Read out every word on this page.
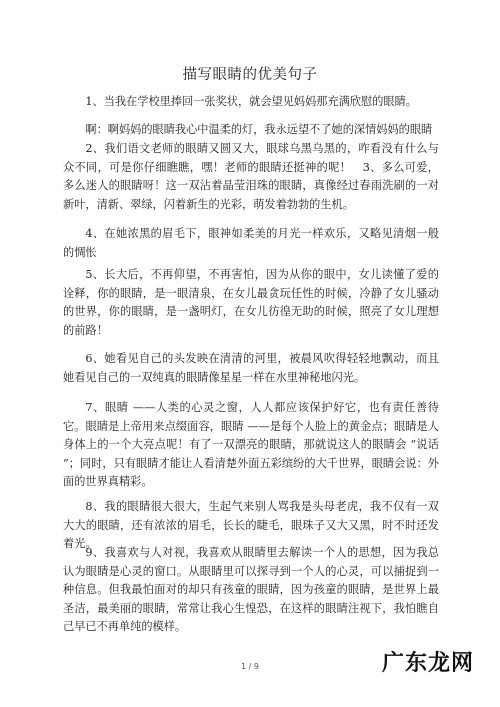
描写眼睛的优美句子
1、当我在学校里捧回一张奖状，就会望见妈妈那充满欣慰的眼睛。
啊：啊妈妈的眼睛我心中温柔的灯，我永远望不了她的深情妈妈的眼睛
2、我们语文老师的眼睛又圆又大，眼球乌黑乌黑的，咋看没有什么与众不同，可是你仔细瞧瞧，嘿！老师的眼睛还挺神的呢！　3、多么可爱，多么迷人的眼睛呀！这一双沾着晶莹泪珠的眼睛，真像经过春雨洗刷的一对新叶，清新、翠绿，闪着新生的光彩，萌发着勃勃的生机。
4、在她浓黑的眉毛下，眼神如柔美的月光一样欢乐，又略见清烟一般的惆怅
5、长大后，不再仰望，不再害怕，因为从你的眼中，女儿读懂了爱的诠释，你的眼睛，是一眼清泉，在女儿最贪玩任性的时候，冷静了女儿骚动的世界，你的眼睛，是一盏明灯，在女儿彷徨无助的时候，照亮了女儿理想的前路！
6、她看见自己的头发映在清清的河里，被晨风吹得轻轻地飘动，而且她看见自己的一双纯真的眼睛像星星一样在水里神秘地闪光。
7、眼睛 ——人类的心灵之窗，人人都应该保护好它，也有责任善待它。眼睛是上帝用来点缀面容，眼睛 ——是每个人脸上的黄金点；眼睛是人身体上的一个大亮点呢！有了一双漂亮的眼睛，那就说这人的眼睛会 “说话 ”；同时，只有眼睛才能让人看清楚外面五彩缤纷的大千世界，眼睛会说：外面的世界真精彩。
8、我的眼睛很大很大，生起气来别人骂我是头母老虎，我不仅有一双大大的眼睛，还有浓浓的眉毛，长长的睫毛，眼珠子又大又黑，时不时还发着光。
9、我喜欢与人对视，我喜欢从眼睛里去解读一个人的思想，因为我总认为眼睛是心灵的窗口。从眼睛里可以探寻到一个人的心灵，可以捕捉到一种信息。但我最怕面对的却只有孩童的眼睛，因为孩童的眼睛，是世界上最圣洁，最美丽的眼睛，常常让我心生惶恐，在这样的眼睛注视下，我怕瞧自己早已不再单纯的模样。
1 / 9	广东龙网
